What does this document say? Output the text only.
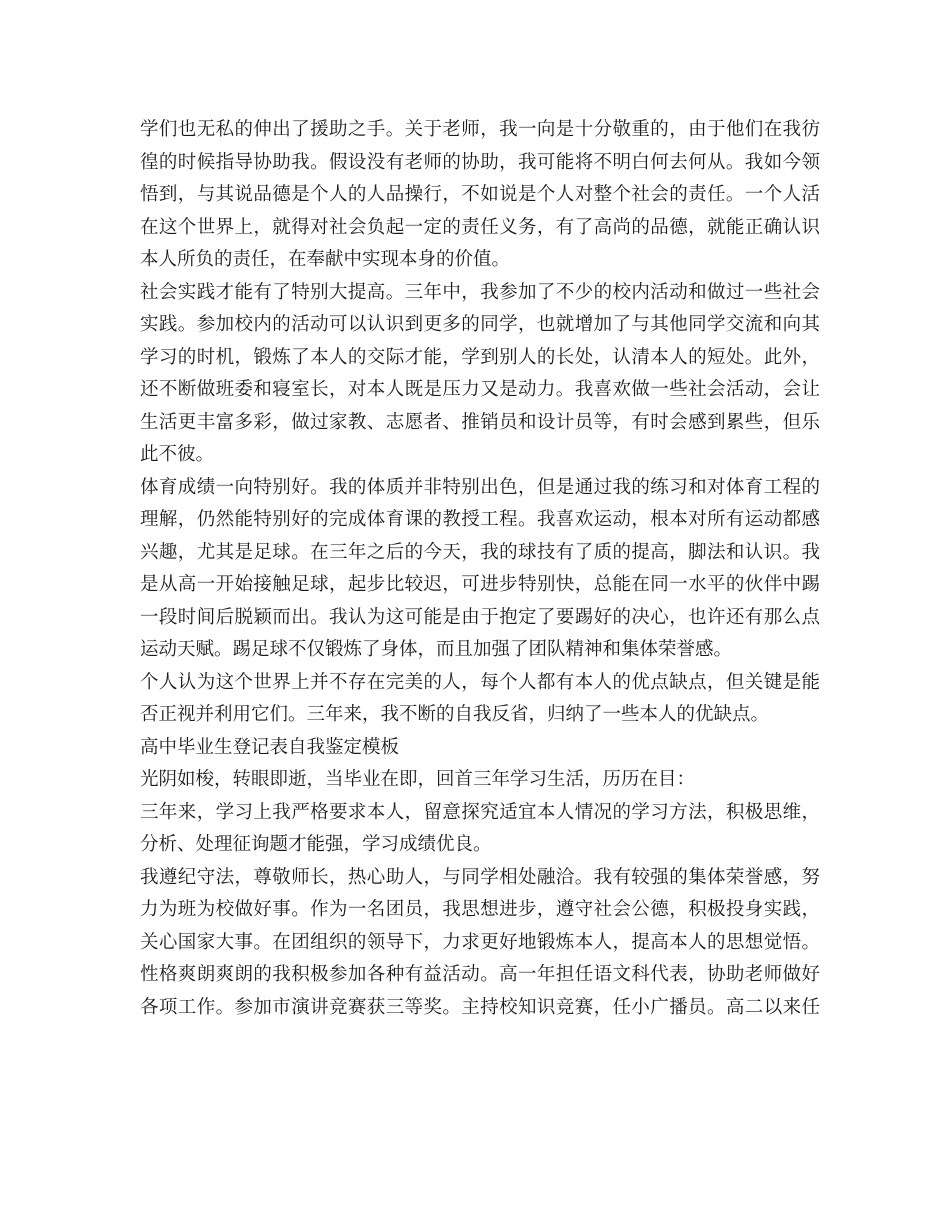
学们也无私的伸出了援助之手。关于老师，我一向是十分敬重的，由于他们在我彷
徨的时候指导协助我。假设没有老师的协助，我可能将不明白何去何从。我如今领
悟到，与其说品德是个人的人品操行，不如说是个人对整个社会的责任。一个人活
在这个世界上，就得对社会负起一定的责任义务，有了高尚的品德，就能正确认识
本人所负的责任，在奉献中实现本身的价值。
社会实践才能有了特别大提高。三年中，我参加了不少的校内活动和做过一些社会
实践。参加校内的活动可以认识到更多的同学，也就增加了与其他同学交流和向其
学习的时机，锻炼了本人的交际才能，学到别人的长处，认清本人的短处。此外，
还不断做班委和寝室长，对本人既是压力又是动力。我喜欢做一些社会活动，会让
生活更丰富多彩，做过家教、志愿者、推销员和设计员等，有时会感到累些，但乐
此不彼。
体育成绩一向特别好。我的体质并非特别出色，但是通过我的练习和对体育工程的
理解，仍然能特别好的完成体育课的教授工程。我喜欢运动，根本对所有运动都感
兴趣，尤其是足球。在三年之后的今天，我的球技有了质的提高，脚法和认识。我
是从高一开始接触足球，起步比较迟，可进步特别快，总能在同一水平的伙伴中踢
一段时间后脱颖而出。我认为这可能是由于抱定了要踢好的决心，也许还有那么点
运动天赋。踢足球不仅锻炼了身体，而且加强了团队精神和集体荣誉感。
个人认为这个世界上并不存在完美的人，每个人都有本人的优点缺点，但关键是能
否正视并利用它们。三年来，我不断的自我反省，归纳了一些本人的优缺点。
高中毕业生登记表自我鉴定模板
光阴如梭，转眼即逝，当毕业在即，回首三年学习生活，历历在目：
三年来，学习上我严格要求本人，留意探究适宜本人情况的学习方法，积极思维，
分析、处理征询题才能强，学习成绩优良。
我遵纪守法，尊敬师长，热心助人，与同学相处融洽。我有较强的集体荣誉感，努
力为班为校做好事。作为一名团员，我思想进步，遵守社会公德，积极投身实践，
关心国家大事。在团组织的领导下，力求更好地锻炼本人，提高本人的思想觉悟。
性格爽朗爽朗的我积极参加各种有益活动。高一年担任语文科代表，协助老师做好
各项工作。参加市演讲竞赛获三等奖。主持校知识竞赛，任小广播员。高二以来任
